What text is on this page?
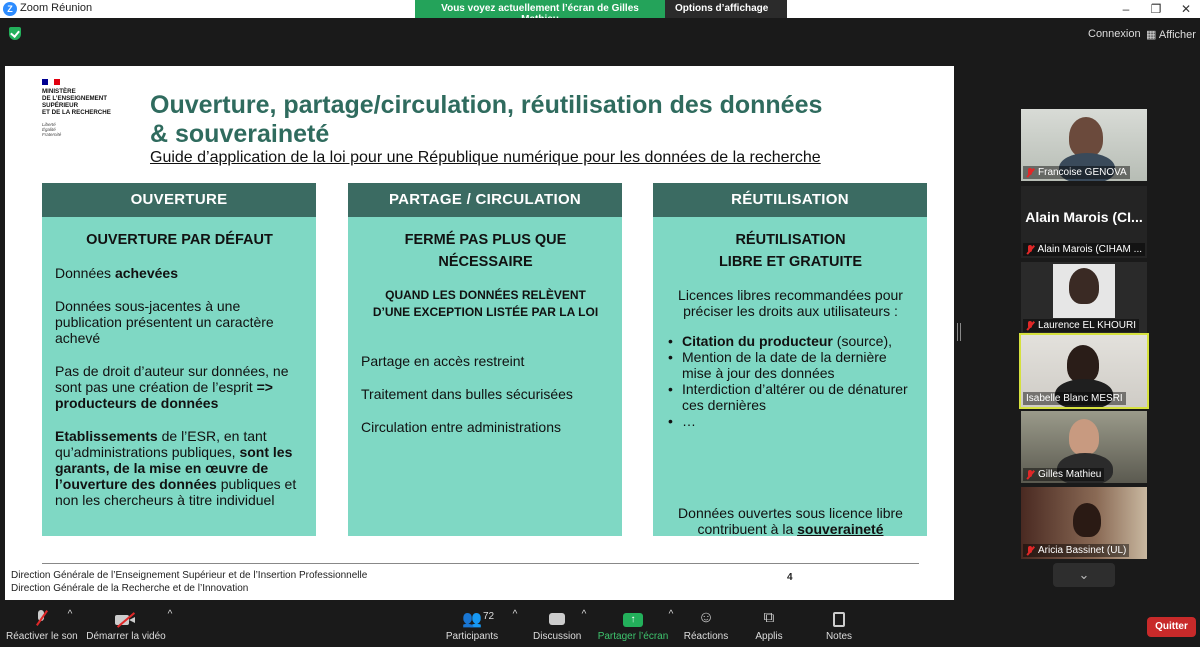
Z Zoom Réunion	Vous voyez actuellement l’écran de Gilles	Options d’affichage	–	❐ ✕
Connexion ▦ Afficher
MINISTÈRE
DE L’ENSEIGNEMENT
SUPÉRIEUR
ET DE LA RECHERCHE
Liberté
Égalité
Fraternité
Ouverture, partage/circulation, réutilisation des données
& souveraineté
Guide d’application de la loi pour une République numérique pour les données de la recherche
OUVERTURE

OUVERTURE PAR DÉFAUT

Données achevées

Données sous-jacentes à une publication présentent un caractère achevé

Pas de droit d’auteur sur données, ne sont pas une création de l’esprit => producteurs de données

Etablissements de l’ESR, en tant qu’administrations publiques, sont les garants, de la mise en œuvre de l’ouverture des données publiques et non les chercheurs à titre individuel

PARTAGE / CIRCULATION
FERMÉ PAS PLUS QUE
NÉCESSAIRE
QUAND LES DONNÉES RELÈVENT
D’UNE EXCEPTION LISTÉE PAR LA LOI

Partage en accès restreint

Traitement dans bulles sécurisées

Circulation entre administrations

RÉUTILISATION
RÉUTILISATION
LIBRE ET GRATUITE

Licences libres recommandées pour préciser les droits aux utilisateurs :

• Citation du producteur (source),
• Mention de la date de la dernière mise à jour des données
• Interdiction d’altérer ou de dénaturer ces dernières
• …

Données ouvertes sous licence libre contribuent à la souveraineté

Direction Générale de l’Enseignement Supérieur et de l’Insertion Professionnelle
Direction Générale de la Recherche et de l’Innovation
4
Francoise GENOVA
Alain Marois (CI...
Alain Marois (CIHAM ...
Laurence EL KHOURI
Isabelle Blanc MESRI
Gilles Mathieu
Aricia Bassinet (UL)
⌄
Réactiver le son
^
Démarrer la vidéo
^	👥
Participants
72 ^
Discussion
^	↑
Partager l’écran
^	☺
Réactions
⧉
Applis	Notes
Quitter
